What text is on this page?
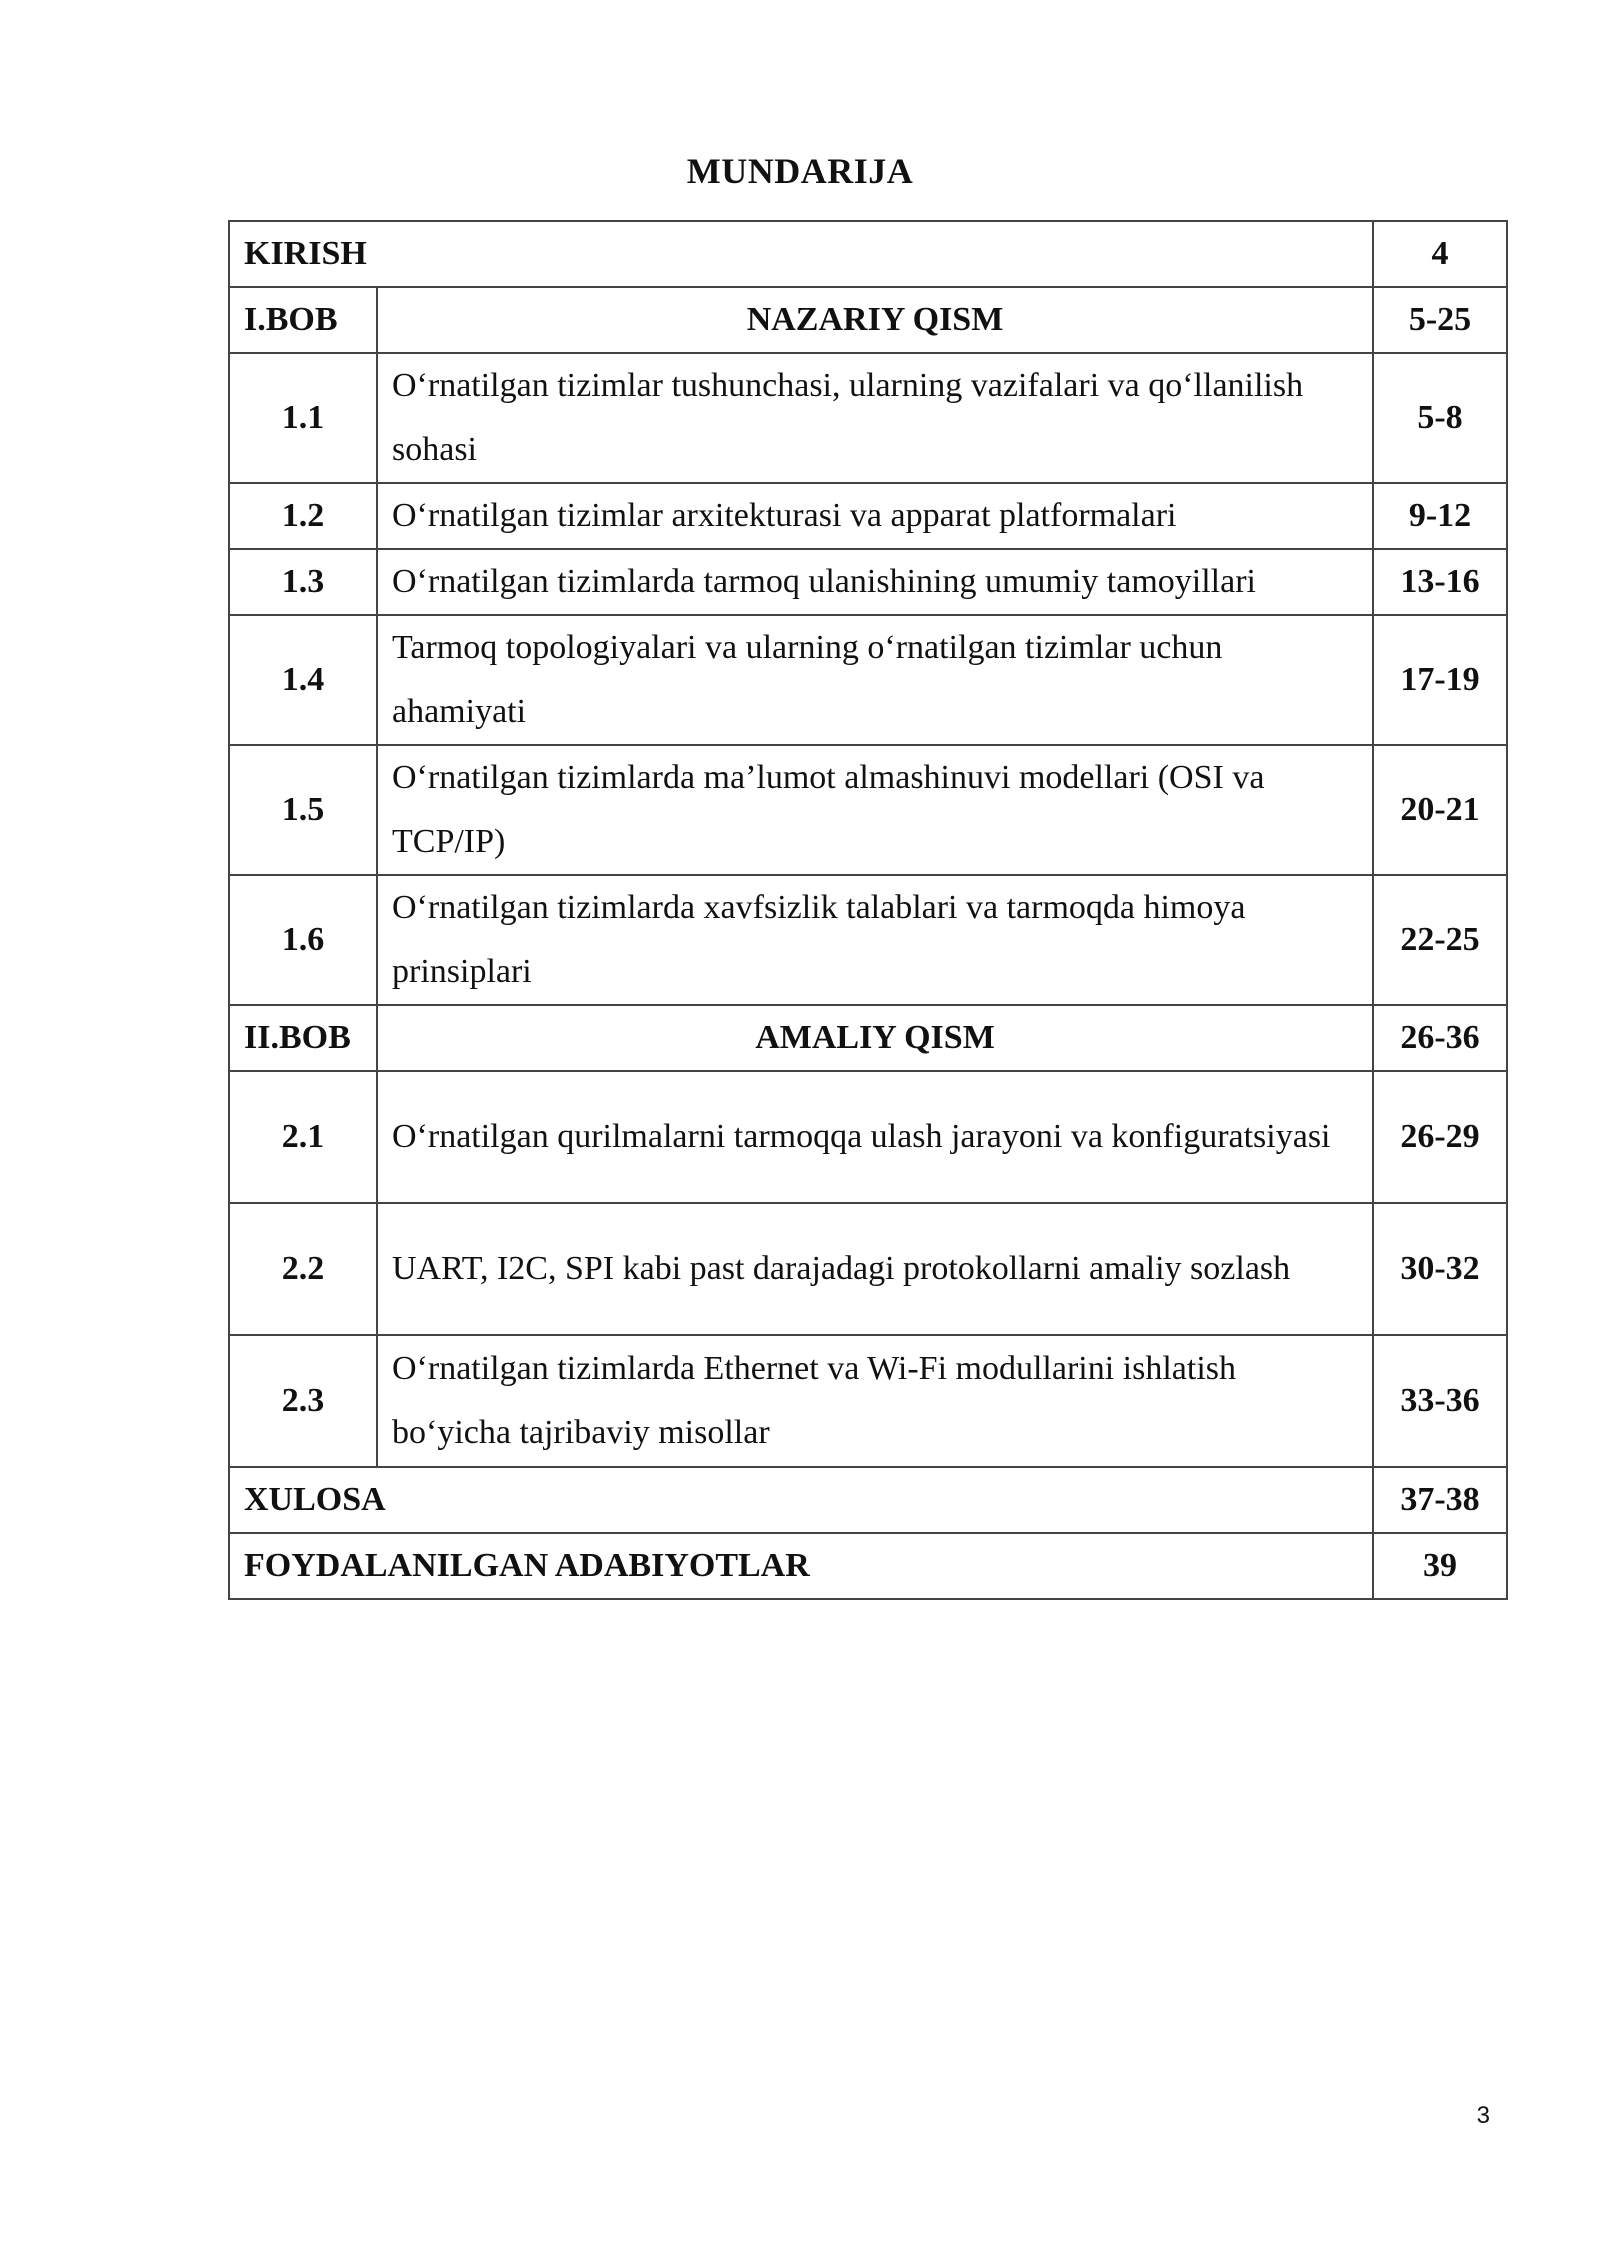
MUNDARIJA
KIRISH		4
I.BOB	NAZARIY QISM	5-25
1.1	O‘rnatilgan tizimlar tushunchasi, ularning vazifalari va qo‘llanilish sohasi	5-8
1.2	O‘rnatilgan tizimlar arxitekturasi va apparat platformalari	9-12
1.3	O‘rnatilgan tizimlarda tarmoq ulanishining umumiy tamoyillari	13-16
1.4	Tarmoq topologiyalari va ularning o‘rnatilgan tizimlar uchun ahamiyati	17-19
1.5	O‘rnatilgan tizimlarda ma’lumot almashinuvi modellari (OSI va TCP/IP)	20-21
1.6	O‘rnatilgan tizimlarda xavfsizlik talablari va tarmoqda himoya prinsiplari	22-25
II.BOB	AMALIY QISM	26-36
2.1	O‘rnatilgan qurilmalarni tarmoqqa ulash jarayoni va konfiguratsiyasi	26-29
2.2	UART, I2C, SPI kabi past darajadagi protokollarni amaliy sozlash	30-32
2.3	O‘rnatilgan tizimlarda Ethernet va Wi-Fi modullarini ishlatish bo‘yicha tajribaviy misollar	33-36
XULOSA		37-38
FOYDALANILGAN ADABIYOTLAR		39
3
